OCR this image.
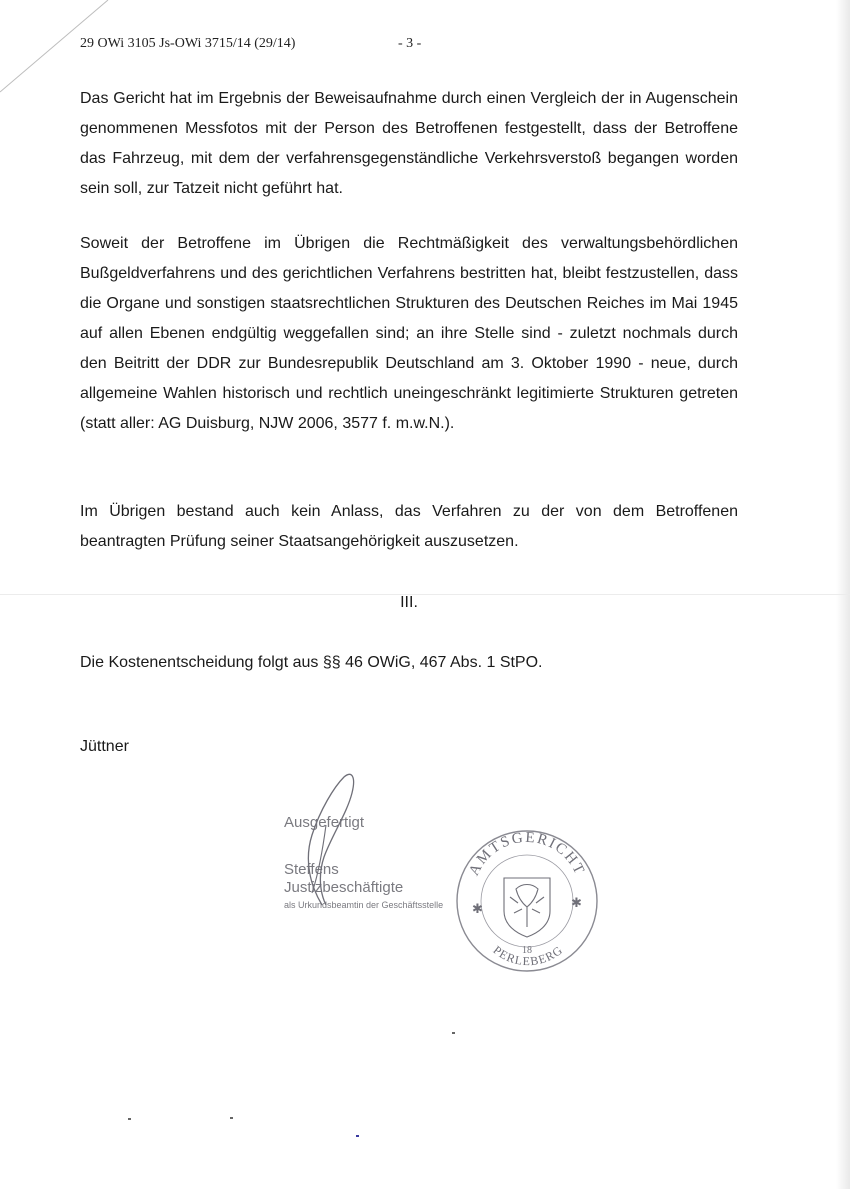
29 OWi 3105 Js-OWi 3715/14 (29/14)	- 3 -

Das Gericht hat im Ergebnis der Beweisaufnahme durch einen Vergleich der in Augenschein genommenen Messfotos mit der Person des Betroffenen festgestellt, dass der Betroffene das Fahrzeug, mit dem der verfahrensgegenständliche Verkehrsverstoß begangen worden sein soll, zur Tatzeit nicht geführt hat.

Soweit der Betroffene im Übrigen die Rechtmäßigkeit des verwaltungsbehördlichen Bußgeldverfahrens und des gerichtlichen Verfahrens bestritten hat, bleibt festzustellen, dass die Organe und sonstigen staatsrechtlichen Strukturen des Deutschen Reiches im Mai 1945 auf allen Ebenen endgültig weggefallen sind; an ihre Stelle sind - zuletzt nochmals durch den Beitritt der DDR zur Bundesrepublik Deutschland am 3. Oktober 1990 - neue, durch allgemeine Wahlen historisch und rechtlich uneingeschränkt legitimierte Strukturen getreten (statt aller: AG Duisburg, NJW 2006, 3577 f. m.w.N.).

Im Übrigen bestand auch kein Anlass, das Verfahren zu der von dem Betroffenen beantragten Prüfung seiner Staatsangehörigkeit auszusetzen.

III.

Die Kostenentscheidung folgt aus §§ 46 OWiG, 467 Abs. 1 StPO.

Jüttner
Ausgefertigt
Steffens
Justizbeschäftigte
als Urkundsbeamtin der Geschäftsstelle
AMTSGERICHT
PERLEBERG
✱	✱
18
